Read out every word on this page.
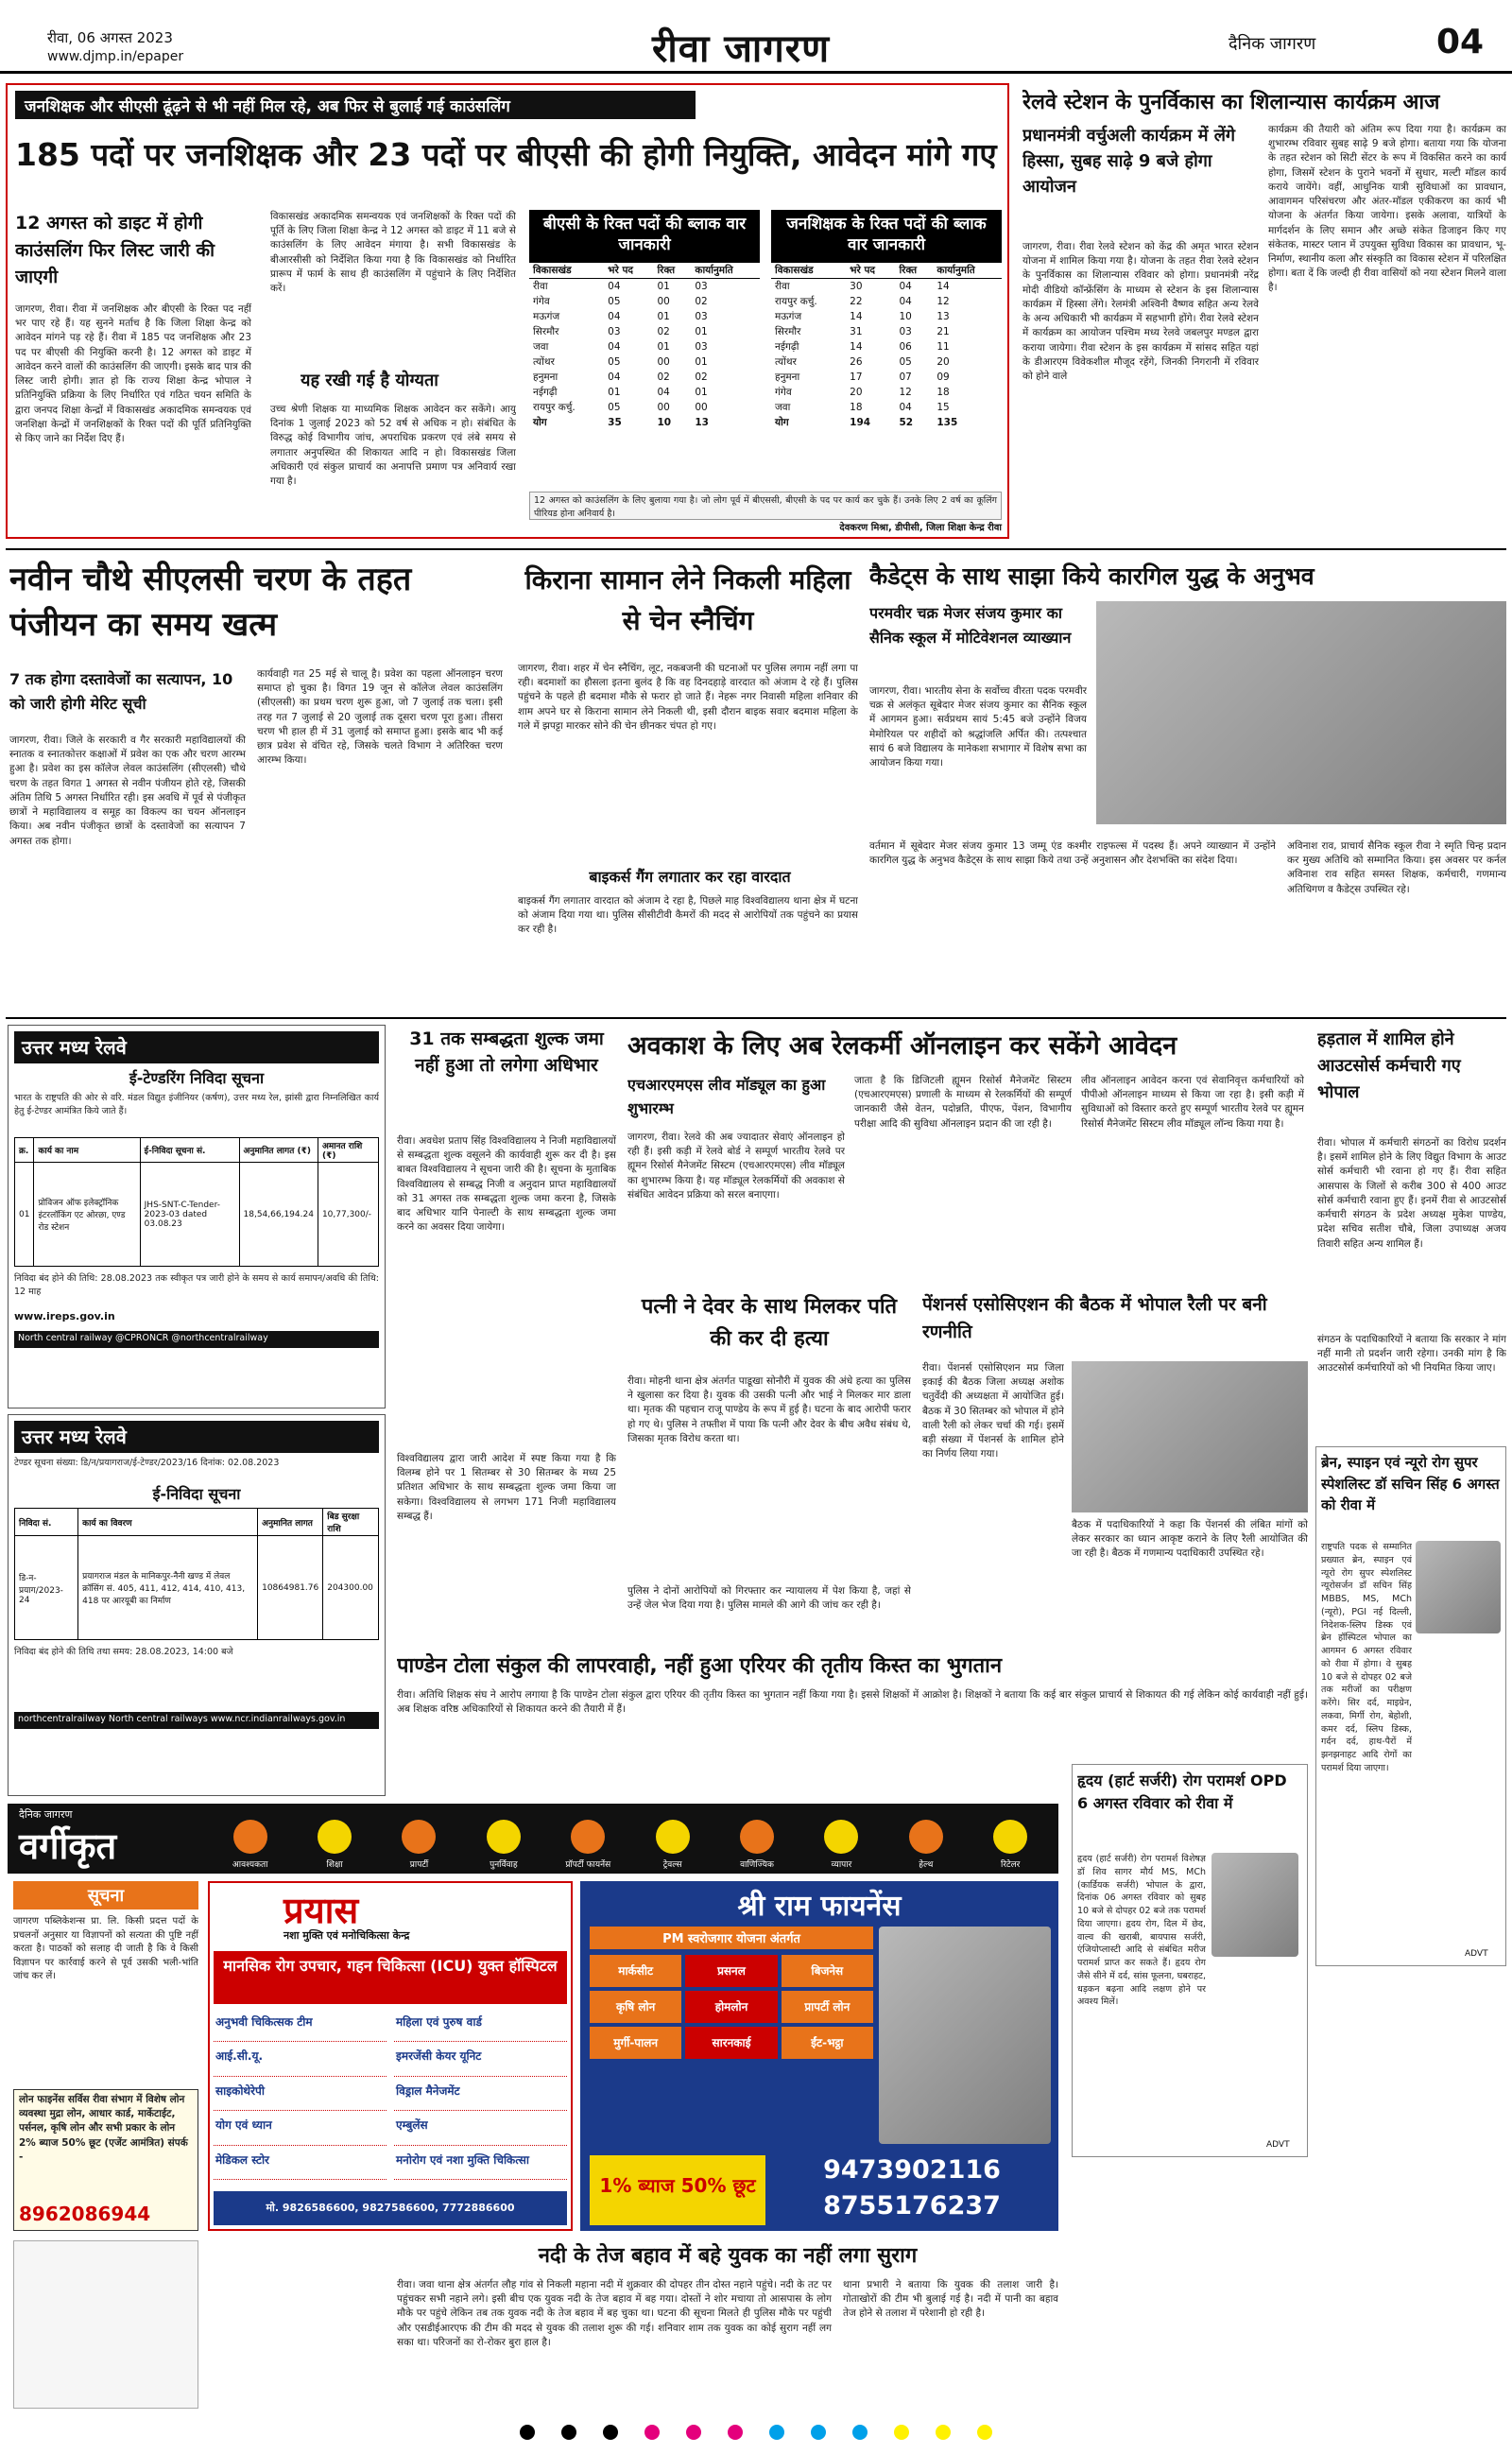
रीवा, 06 अगस्त 2023
www.djmp.in/epaper	रीवा जागरण	दैनिक जागरण	04
जनशिक्षक और सीएसी ढूंढ़ने से भी नहीं मिल रहे, अब फिर से बुलाई गई काउंसलिंग
185 पदों पर जनशिक्षक और 23 पदों पर बीएसी की होगी नियुक्ति, आवेदन मांगे गए
12 अगस्त को डाइट में होगी काउंसलिंग फिर लिस्ट जारी की जाएगी
जागरण, रीवा। रीवा में जनशिक्षक और बीएसी के रिक्त पद नहीं भर पाए रहे हैं। यह सुनने मर्ताच है कि जिला शिक्षा केन्द्र को आवेदन मांगने पड़ रहे हैं। रीवा में 185 पद जनशिक्षक और 23 पद पर बीएसी की नियुक्ति करनी है। 12 अगस्त को डाइट में आवेदन करने वालों की काउंसलिंग की जाएगी। इसके बाद पात्र की लिस्ट जारी होगी। ज्ञात हो कि राज्य शिक्षा केन्द्र भोपाल ने प्रतिनियुक्ति प्रक्रिया के लिए निर्धारित एवं गठित चयन समिति के द्वारा जनपद शिक्षा केन्द्रों में विकासखंड अकादमिक समन्वयक एवं जनशिक्षा केन्द्रों में जनशिक्षकों के रिक्त पदों की पूर्ति प्रतिनियुक्ति से किए जाने का निर्देश दिए हैं।
विकासखंड अकादमिक समन्वयक एवं जनशिक्षकों के रिक्त पदों की पूर्ति के लिए जिला शिक्षा केन्द्र ने 12 अगस्त को डाइट में 11 बजे से काउंसलिंग के लिए आवेदन मंगाया है। सभी विकासखंड के बीआरसीसी को निर्देशित किया गया है कि विकासखंड को निर्धारित प्रारूप में फार्म के साथ ही काउंसलिंग में पहुंचाने के लिए निर्देशित करें।
यह रखी गई है योग्यता
उच्च श्रेणी शिक्षक या माध्यमिक शिक्षक आवेदन कर सकेंगे। आयु दिनांक 1 जुलाई 2023 को 52 वर्ष से अधिक न हो। संबंधित के विरुद्ध कोई विभागीय जांच, अपराधिक प्रकरण एवं लंबे समय से लगातार अनुपस्थित की शिकायत आदि न हो। विकासखंड जिला अधिकारी एवं संकुल प्राचार्य का अनापत्ति प्रमाण पत्र अनिवार्य रखा गया है।
बीएसी के रिक्त पदों की ब्लाक वार जानकारी
विकासखंड	भरे पद	रिक्त	कार्यानुमति
रीवा	04	01	03
गंगेव	05	00	02
मऊगंज	04	01	03
सिरमौर	03	02	01
जवा	04	01	03
त्योंथर	05	00	01
हनुमना	04	02	02
नईगढ़ी	01	04	01
रायपुर कर्चु.	05	00	00
योग	35	10	13
जनशिक्षक के रिक्त पदों की ब्लाक वार जानकारी
विकासखंड	भरे पद	रिक्त	कार्यानुमति
रीवा	30	04	14
रायपुर कर्चु.	22	04	12
मऊगंज	14	10	13
सिरमौर	31	03	21
नईगढ़ी	14	06	11
त्योंथर	26	05	20
हनुमना	17	07	09
गंगेव	20	12	18
जवा	18	04	15
योग	194	52	135
12 अगस्त को काउंसलिंग के लिए बुलाया गया है। जो लोग पूर्व में बीएससी, बीएसी के पद पर कार्य कर चुके हैं। उनके लिए 2 वर्ष का कूलिंग पीरियड होना अनिवार्य है।
देवकरण मिश्रा, डीपीसी, जिला शिक्षा केन्द्र रीवा
रेलवे स्टेशन के पुनर्विकास का शिलान्यास कार्यक्रम आज
प्रधानमंत्री वर्चुअली कार्यक्रम में लेंगे हिस्सा, सुबह साढ़े 9 बजे होगा आयोजन
जागरण, रीवा। रीवा रेलवे स्टेशन को केंद्र की अमृत भारत स्टेशन योजना में शामिल किया गया है। योजना के तहत रीवा रेलवे स्टेशन के पुनर्विकास का शिलान्यास रविवार को होगा। प्रधानमंत्री नरेंद्र मोदी वीडियो कॉन्फ्रेंसिंग के माध्यम से स्टेशन के इस शिलान्यास कार्यक्रम में हिस्सा लेंगे। रेलमंत्री अश्विनी वैष्णव सहित अन्य रेलवे के अन्य अधिकारी भी कार्यक्रम में सहभागी होंगे। रीवा रेलवे स्टेशन में कार्यक्रम का आयोजन पश्चिम मध्य रेलवे जबलपुर मण्डल द्वारा कराया जायेगा। रीवा स्टेशन के इस कार्यक्रम में सांसद सहित यहां के डीआरएम विवेकशील मौजूद रहेंगे, जिनकी निगरानी में रविवार को होने वाले
कार्यक्रम की तैयारी को अंतिम रूप दिया गया है। कार्यक्रम का शुभारम्भ रविवार सुबह साढ़े 9 बजे होगा। बताया गया कि योजना के तहत स्टेशन को सिटी सेंटर के रूप में विकसित करने का कार्य होगा, जिसमें स्टेशन के पुराने भवनों में सुधार, मल्टी मॉडल कार्य कराये जायेंगे। वहीं, आधुनिक यात्री सुविधाओं का प्रावधान, आवागमन परिसंचरण और अंतर-मॉडल एकीकरण का कार्य भी योजना के अंतर्गत किया जायेगा। इसके अलावा, यात्रियों के मार्गदर्शन के लिए समान और अच्छे संकेत डिजाइन किए गए संकेतक, मास्टर प्लान में उपयुक्त सुविधा विकास का प्रावधान, भू-निर्माण, स्थानीय कला और संस्कृति का विकास स्टेशन में परिलक्षित होगा। बता दें कि जल्दी ही रीवा वासियों को नया स्टेशन मिलने वाला है।
नवीन चौथे सीएलसी चरण के तहत पंजीयन का समय खत्म
7 तक होगा दस्तावेजों का सत्यापन, 10 को जारी होगी मेरिट सूची
जागरण, रीवा। जिले के सरकारी व गैर सरकारी महाविद्यालयों की स्नातक व स्नातकोत्तर कक्षाओं में प्रवेश का एक और चरण आरम्भ हुआ है। प्रवेश का इस कॉलेज लेवल काउंसलिंग (सीएलसी) चौथे चरण के तहत विगत 1 अगस्त से नवीन पंजीयन होते रहे, जिसकी अंतिम तिथि 5 अगस्त निर्धारित रही। इस अवधि में पूर्व से पंजीकृत छात्रों ने महाविद्यालय व समूह का विकल्प का चयन ऑनलाइन किया। अब नवीन पंजीकृत छात्रों के दस्तावेजों का सत्यापन 7 अगस्त तक होगा।
कार्यवाही गत 25 मई से चालू है। प्रवेश का पहला ऑनलाइन चरण समाप्त हो चुका है। विगत 19 जून से कॉलेज लेवल काउंसलिंग (सीएलसी) का प्रथम चरण शुरू हुआ, जो 7 जुलाई तक चला। इसी तरह गत 7 जुलाई से 20 जुलाई तक दूसरा चरण पूरा हुआ। तीसरा चरण भी हाल ही में 31 जुलाई को समाप्त हुआ। इसके बाद भी कई छात्र प्रवेश से वंचित रहे, जिसके चलते विभाग ने अतिरिक्त चरण आरम्भ किया।
किराना सामान लेने निकली महिला से चेन स्नैचिंग
जागरण, रीवा। शहर में चेन स्नैचिंग, लूट, नकबजनी की घटनाओं पर पुलिस लगाम नहीं लगा पा रही। बदमाशों का हौसला इतना बुलंद है कि वह दिनदहाड़े वारदात को अंजाम दे रहे हैं। पुलिस पहुंचने के पहले ही बदमाश मौके से फरार हो जाते हैं। नेहरू नगर निवासी महिला शनिवार की शाम अपने घर से किराना सामान लेने निकली थी, इसी दौरान बाइक सवार बदमाश महिला के गले में झपट्टा मारकर सोने की चेन छीनकर चंपत हो गए।
बाइकर्स गैंग लगातार कर रहा वारदात
बाइकर्स गैंग लगातार वारदात को अंजाम दे रहा है, पिछले माह विश्वविद्यालय थाना क्षेत्र में घटना को अंजाम दिया गया था। पुलिस सीसीटीवी कैमरों की मदद से आरोपियों तक पहुंचने का प्रयास कर रही है।
कैडेट्स के साथ साझा किये कारगिल युद्ध के अनुभव
परमवीर चक्र मेजर संजय कुमार का सैनिक स्कूल में मोटिवेशनल व्याख्यान
जागरण, रीवा। भारतीय सेना के सर्वोच्च वीरता पदक परमवीर चक्र से अलंकृत सूबेदार मेजर संजय कुमार का सैनिक स्कूल में आगमन हुआ। सर्वप्रथम सायं 5:45 बजे उन्होंने विजय मेमोरियल पर शहीदों को श्रद्धांजलि अर्पित की। तत्पश्चात सायं 6 बजे विद्यालय के मानेकशा सभागार में विशेष सभा का आयोजन किया गया।
वर्तमान में सूबेदार मेजर संजय कुमार 13 जम्मू एंड कश्मीर राइफल्स में पदस्थ हैं। अपने व्याख्यान में उन्होंने कारगिल युद्ध के अनुभव कैडेट्स के साथ साझा किये तथा उन्हें अनुशासन और देशभक्ति का संदेश दिया।
अविनाश राव, प्राचार्य सैनिक स्कूल रीवा ने स्मृति चिन्ह प्रदान कर मुख्य अतिथि को सम्मानित किया। इस अवसर पर कर्नल अविनाश राव सहित समस्त शिक्षक, कर्मचारी, गणमान्य अतिथिगण व कैडेट्स उपस्थित रहे।
उत्तर मध्य रेलवे
ई-टेण्डरिंग निविदा सूचना
भारत के राष्ट्रपति की ओर से वरि. मंडल विद्युत इंजीनियर (कर्षण), उत्तर मध्य रेल, झांसी द्वारा निम्नलिखित कार्य हेतु ई-टेण्डर आमंत्रित किये जाते हैं।
क्र.	कार्य का नाम	ई-निविदा सूचना सं.	अनुमानित लागत (₹)	अमानत राशि (₹)
01	प्रोविजन ऑफ इलेक्ट्रॉनिक इंटरलॉकिंग एट ओरछा, एण्ड रोड स्टेशन	JHS-SNT-C-Tender-2023-03 dated 03.08.23	18,54,66,194.24	10,77,300/-
निविदा बंद होने की तिथि: 28.08.2023 तक स्वीकृत पत्र जारी होने के समय से कार्य समापन/अवधि की तिथि: 12 माह
www.ireps.gov.in
North central railway @CPRONCR @northcentralrailway
उत्तर मध्य रेलवे
टेण्डर सूचना संख्या: डि/न/प्रयागराज/ई-टेण्डर/2023/16 दिनांक: 02.08.2023
ई-निविदा सूचना
निविदा सं.	कार्य का विवरण	अनुमानित लागत	बिड सुरक्षा राशि
डि-न-प्रयाग/2023-24	प्रयागराज मंडल के मानिकपुर-नैनी खण्ड में लेवल क्रॉसिंग सं. 405, 411, 412, 414, 410, 413, 418 पर आरयूबी का निर्माण	10864981.76	204300.00
निविदा बंद होने की तिथि तथा समय: 28.08.2023, 14:00 बजे
northcentralrailway North central railways www.ncr.indianrailways.gov.in
31 तक सम्बद्धता शुल्क जमा नहीं हुआ तो लगेगा अधिभार
रीवा। अवधेश प्रताप सिंह विश्वविद्यालय ने निजी महाविद्यालयों से सम्बद्धता शुल्क वसूलने की कार्यवाही शुरू कर दी है। इस बाबत विश्वविद्यालय ने सूचना जारी की है। सूचना के मुताबिक विश्वविद्यालय से सम्बद्ध निजी व अनुदान प्राप्त महाविद्यालयों को 31 अगस्त तक सम्बद्धता शुल्क जमा करना है, जिसके बाद अधिभार यानि पेनाल्टी के साथ सम्बद्धता शुल्क जमा करने का अवसर दिया जायेगा।
विश्वविद्यालय द्वारा जारी आदेश में स्पष्ट किया गया है कि विलम्ब होने पर 1 सितम्बर से 30 सितम्बर के मध्य 25 प्रतिशत अधिभार के साथ सम्बद्धता शुल्क जमा किया जा सकेगा। विश्वविद्यालय से लगभग 171 निजी महाविद्यालय सम्बद्ध हैं।
अवकाश के लिए अब रेलकर्मी ऑनलाइन कर सकेंगे आवेदन
एचआरएमएस लीव मॉड्यूल का हुआ शुभारम्भ
जागरण, रीवा। रेलवे की अब ज्यादातर सेवाएं ऑनलाइन हो रही हैं। इसी कड़ी में रेलवे बोर्ड ने सम्पूर्ण भारतीय रेलवे पर ह्यूमन रिसोर्स मैनेजमेंट सिस्टम (एचआरएमएस) लीव मॉड्यूल का शुभारम्भ किया है। यह मॉड्यूल रेलकर्मियों की अवकाश से संबंधित आवेदन प्रक्रिया को सरल बनाएगा।
जाता है कि डिजिटली ह्यूमन रिसोर्स मैनेजमेंट सिस्टम (एचआरएमएस) प्रणाली के माध्यम से रेलकर्मियों की सम्पूर्ण जानकारी जैसे वेतन, पदोन्नति, पीएफ, पेंशन, विभागीय परीक्षा आदि की सुविधा ऑनलाइन प्रदान की जा रही है।
लीव ऑनलाइन आवेदन करना एवं सेवानिवृत्त कर्मचारियों को पीपीओ ऑनलाइन माध्यम से किया जा रहा है। इसी कड़ी में सुविधाओं को विस्तार करते हुए सम्पूर्ण भारतीय रेलवे पर ह्यूमन रिसोर्स मैनेजमेंट सिस्टम लीव मॉड्यूल लॉन्च किया गया है।
हड़ताल में शामिल होने आउटसोर्स कर्मचारी गए भोपाल
रीवा। भोपाल में कर्मचारी संगठनों का विरोध प्रदर्शन है। इसमें शामिल होने के लिए विद्युत विभाग के आउट सोर्स कर्मचारी भी रवाना हो गए हैं। रीवा सहित आसपास के जिलों से करीब 300 से 400 आउट सोर्स कर्मचारी रवाना हुए हैं। इनमें रीवा से आउटसोर्स कर्मचारी संगठन के प्रदेश अध्यक्ष मुकेश पाण्डेय, प्रदेश सचिव सतीश चौबे, जिला उपाध्यक्ष अजय तिवारी सहित अन्य शामिल हैं।
संगठन के पदाधिकारियों ने बताया कि सरकार ने मांग नहीं मानी तो प्रदर्शन जारी रहेगा। उनकी मांग है कि आउटसोर्स कर्मचारियों को भी नियमित किया जाए।
पत्नी ने देवर के साथ मिलकर पति की कर दी हत्या
रीवा। मोहनी थाना क्षेत्र अंतर्गत पाडूखा सोनौरी में युवक की अंधे हत्या का पुलिस ने खुलासा कर दिया है। युवक की उसकी पत्नी और भाई ने मिलकर मार डाला था। मृतक की पहचान राजू पाण्डेय के रूप में हुई है। घटना के बाद आरोपी फरार हो गए थे। पुलिस ने तफ्तीश में पाया कि पत्नी और देवर के बीच अवैध संबंध थे, जिसका मृतक विरोध करता था।
पुलिस ने दोनों आरोपियों को गिरफ्तार कर न्यायालय में पेश किया है, जहां से उन्हें जेल भेज दिया गया है। पुलिस मामले की आगे की जांच कर रही है।
पेंशनर्स एसोसिएशन की बैठक में भोपाल रैली पर बनी रणनीति
रीवा। पेंशनर्स एसोसिएशन मप्र जिला इकाई की बैठक जिला अध्यक्ष अशोक चतुर्वेदी की अध्यक्षता में आयोजित हुई। बैठक में 30 सितम्बर को भोपाल में होने वाली रैली को लेकर चर्चा की गई। इसमें बड़ी संख्या में पेंशनर्स के शामिल होने का निर्णय लिया गया।
बैठक में पदाधिकारियों ने कहा कि पेंशनर्स की लंबित मांगों को लेकर सरकार का ध्यान आकृष्ट कराने के लिए रैली आयोजित की जा रही है। बैठक में गणमान्य पदाधिकारी उपस्थित रहे।
ब्रेन, स्पाइन एवं न्यूरो रोग सुपर स्पेशलिस्ट डॉ सचिन सिंह 6 अगस्त को रीवा में
राष्ट्रपति पदक से सम्मानित प्रख्यात ब्रेन, स्पाइन एवं न्यूरो रोग सुपर स्पेशलिस्ट न्यूरोसर्जन डॉ सचिन सिंह MBBS, MS, MCh (न्यूरो), PGI नई दिल्ली, निदेशक-स्लिप डिस्क एवं ब्रेन हॉस्पिटल भोपाल का आगमन 6 अगस्त रविवार को रीवा में होगा। वे सुबह 10 बजे से दोपहर 02 बजे तक मरीजों का परीक्षण करेंगे। सिर दर्द, माइग्रेन, लकवा, मिर्गी रोग, बेहोशी, कमर दर्द, स्लिप डिस्क, गर्दन दर्द, हाथ-पैरों में झनझनाहट आदि रोगों का परामर्श दिया जाएगा।
ADVT
पाण्डेन टोला संकुल की लापरवाही, नहीं हुआ एरियर की तृतीय किस्त का भुगतान
रीवा। अतिथि शिक्षक संघ ने आरोप लगाया है कि पाण्डेन टोला संकुल द्वारा एरियर की तृतीय किस्त का भुगतान नहीं किया गया है। इससे शिक्षकों में आक्रोश है। शिक्षकों ने बताया कि कई बार संकुल प्राचार्य से शिकायत की गई लेकिन कोई कार्यवाही नहीं हुई। अब शिक्षक वरिष्ठ अधिकारियों से शिकायत करने की तैयारी में हैं।
हृदय (हार्ट सर्जरी) रोग परामर्श OPD 6 अगस्त रविवार को रीवा में
हृदय (हार्ट सर्जरी) रोग परामर्श विशेषज्ञ डॉ शिव सागर मौर्य MS, MCh (कार्डियक सर्जरी) भोपाल के द्वारा, दिनांक 06 अगस्त रविवार को सुबह 10 बजे से दोपहर 02 बजे तक परामर्श दिया जाएगा। हृदय रोग, दिल में छेद, वाल्व की खराबी, बायपास सर्जरी, एंजियोप्लास्टी आदि से संबंधित मरीज परामर्श प्राप्त कर सकते हैं। हृदय रोग जैसे सीने में दर्द, सांस फूलना, घबराहट, धड़कन बढ़ना आदि लक्षण होने पर अवश्य मिलें।
ADVT
दैनिक जागरण
वर्गीकृत	आवश्यकता	शिक्षा	प्रापर्टी	पुनर्विवाह	प्रॉपर्टी फायनेंस	ट्रेवल्स	वाणिज्यिक	व्यापार	हेल्थ	रिटेलर
सूचना
जागरण पब्लिकेशन्स प्रा. लि. किसी प्रदत्त पदों के प्रचलनों अनुसार या विज्ञापनों को सत्यता की पुष्टि नहीं करता है। पाठकों को सलाह दी जाती है कि वे किसी विज्ञापन पर कार्रवाई करने से पूर्व उसकी भली-भांति जांच कर लें।
लोन फाइनेंस सर्विस रीवा संभाग में विशेष लोन व्यवस्था मुद्रा लोन, आधार कार्ड, मार्केटाईट, पर्सनल, कृषि लोन और सभी प्रकार के लोन 2% ब्याज 50% छूट (एजेंट आमंत्रित) संपर्क -
8962086944
प्रयास
नशा मुक्ति एवं मनोचिकित्सा केन्द्र
मानसिक रोग उपचार, गहन चिकित्सा (ICU) युक्त हॉस्पिटल
अनुभवी चिकित्सक टीम	महिला एवं पुरुष वार्ड
आई.सी.यू.	इमरजेंसी केयर यूनिट
साइकोथेरेपी	विड्राल मैनेजमेंट
योग एवं ध्यान	एम्बुलेंस
मेडिकल स्टोर	मनोरोग एवं नशा मुक्ति चिकित्सा
मो. 9826586600, 9827586600, 7772886600
श्री राम फायनेंस
PM स्वरोजगार योजना अंतर्गत
मार्कसीट	प्रसनल	बिजनेस
कृषि लोन	होमलोन	प्रापर्टी लोन
मुर्गी-पालन	सारनकाई	ईंट-भट्ठा
1% ब्याज 50% छूट
9473902116
8755176237
नदी के तेज बहाव में बहे युवक का नहीं लगा सुराग
रीवा। जवा थाना क्षेत्र अंतर्गत लौह गांव से निकली महाना नदी में शुक्रवार की दोपहर तीन दोस्त नहाने पहुंचे। नदी के तट पर पहुंचकर सभी नहाने लगे। इसी बीच एक युवक नदी के तेज बहाव में बह गया। दोस्तों ने शोर मचाया तो आसपास के लोग मौके पर पहुंचे लेकिन तब तक युवक नदी के तेज बहाव में बह चुका था। घटना की सूचना मिलते ही पुलिस मौके पर पहुंची और एसडीईआरएफ की टीम की मदद से युवक की तलाश शुरू की गई। शनिवार शाम तक युवक का कोई सुराग नहीं लग सका था। परिजनों का रो-रोकर बुरा हाल है।
थाना प्रभारी ने बताया कि युवक की तलाश जारी है। गोताखोरों की टीम भी बुलाई गई है। नदी में पानी का बहाव तेज होने से तलाश में परेशानी हो रही है।
